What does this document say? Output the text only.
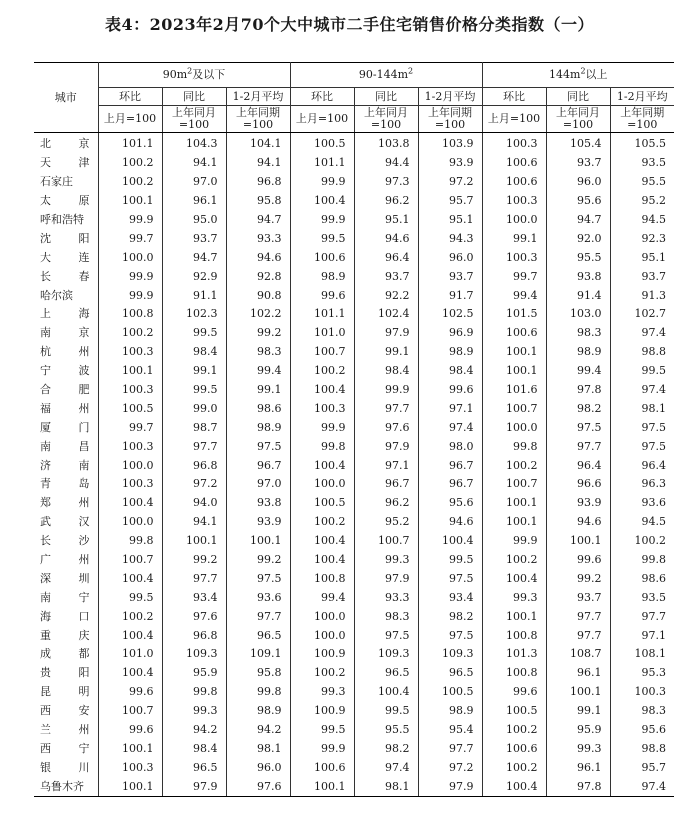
表4：2023年2月70个大中城市二手住宅销售价格分类指数（一）
城市	$90m^2$及以下			$90-144m^2$			$144m^2$以上		
	环比	同比	1-2月平均	环比	同比	1-2月平均	环比	同比	1-2月平均
	上月=100	上年同月=100	上年同期=100	上月=100	上年同月=100	上年同期=100	上月=100	上年同月=100	上年同期=100

北京	101.1	104.3	104.1	100.5	103.8	103.9	100.3	105.4	105.5

天津	100.2	94.1	94.1	101.1	94.4	93.9	100.6	93.7	93.5

石家庄	100.2	97.0	96.8	99.9	97.3	97.2	100.6	96.0	95.5

太原	100.1	96.1	95.8	100.4	96.2	95.7	100.3	95.6	95.2

呼和浩特	99.9	95.0	94.7	99.9	95.1	95.1	100.0	94.7	94.5

沈阳	99.7	93.7	93.3	99.5	94.6	94.3	99.1	92.0	92.3

大连	100.0	94.7	94.6	100.6	96.4	96.0	100.3	95.5	95.1

长春	99.9	92.9	92.8	98.9	93.7	93.7	99.7	93.8	93.7

哈尔滨	99.9	91.1	90.8	99.6	92.2	91.7	99.4	91.4	91.3

上海	100.8	102.3	102.2	101.1	102.4	102.5	101.5	103.0	102.7

南京	100.2	99.5	99.2	101.0	97.9	96.9	100.6	98.3	97.4

杭州	100.3	98.4	98.3	100.7	99.1	98.9	100.1	98.9	98.8

宁波	100.1	99.1	99.4	100.2	98.4	98.4	100.1	99.4	99.5

合肥	100.3	99.5	99.1	100.4	99.9	99.6	101.6	97.8	97.4

福州	100.5	99.0	98.6	100.3	97.7	97.1	100.7	98.2	98.1

厦门	99.7	98.7	98.9	99.9	97.6	97.4	100.0	97.5	97.5

南昌	100.3	97.7	97.5	99.8	97.9	98.0	99.8	97.7	97.5

济南	100.0	96.8	96.7	100.4	97.1	96.7	100.2	96.4	96.4

青岛	100.3	97.2	97.0	100.0	96.7	96.7	100.7	96.6	96.3

郑州	100.4	94.0	93.8	100.5	96.2	95.6	100.1	93.9	93.6

武汉	100.0	94.1	93.9	100.2	95.2	94.6	100.1	94.6	94.5

长沙	99.8	100.1	100.1	100.4	100.7	100.4	99.9	100.1	100.2

广州	100.7	99.2	99.2	100.4	99.3	99.5	100.2	99.6	99.8

深圳	100.4	97.7	97.5	100.8	97.9	97.5	100.4	99.2	98.6

南宁	99.5	93.4	93.6	99.4	93.3	93.4	99.3	93.7	93.5

海口	100.2	97.6	97.7	100.0	98.3	98.2	100.1	97.7	97.7

重庆	100.4	96.8	96.5	100.0	97.5	97.5	100.8	97.7	97.1

成都	101.0	109.3	109.1	100.9	109.3	109.3	101.3	108.7	108.1

贵阳	100.4	95.9	95.8	100.2	96.5	96.5	100.8	96.1	95.3

昆明	99.6	99.8	99.8	99.3	100.4	100.5	99.6	100.1	100.3

西安	100.7	99.3	98.9	100.9	99.5	98.9	100.5	99.1	98.3

兰州	99.6	94.2	94.2	99.5	95.5	95.4	100.2	95.9	95.6

西宁	100.1	98.4	98.1	99.9	98.2	97.7	100.6	99.3	98.8

银川	100.3	96.5	96.0	100.6	97.4	97.2	100.2	96.1	95.7

乌鲁木齐	100.1	97.9	97.6	100.1	98.1	97.9	100.4	97.8	97.4
